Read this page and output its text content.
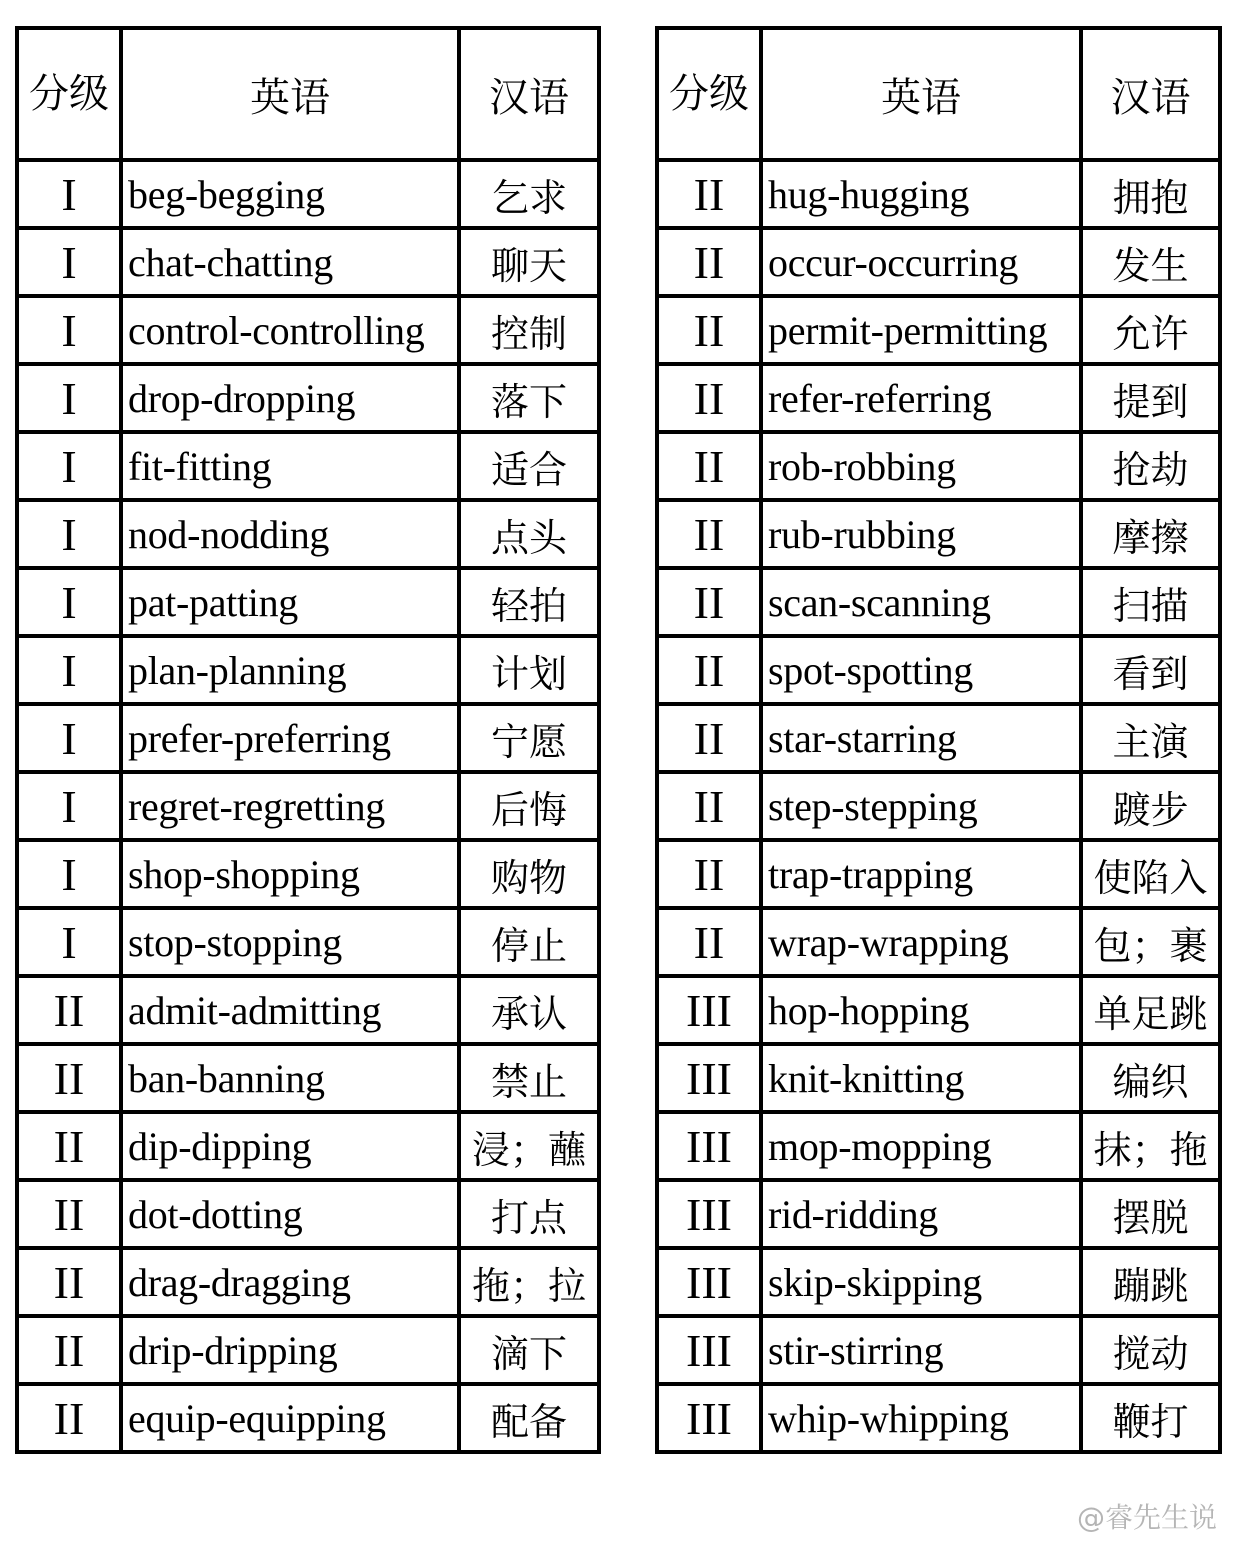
分级	英语	汉语
I	beg-begging	乞求
I	chat-chatting	聊天
I	control-controlling	控制
I	drop-dropping	落下
I	fit-fitting	适合
I	nod-nodding	点头
I	pat-patting	轻拍
I	plan-planning	计划
I	prefer-preferring	宁愿
I	regret-regretting	后悔
I	shop-shopping	购物
I	stop-stopping	停止
II	admit-admitting	承认
II	ban-banning	禁止
II	dip-dipping	浸；蘸
II	dot-dotting	打点
II	drag-dragging	拖；拉
II	drip-dripping	滴下
II	equip-equipping	配备
分级	英语	汉语
II	hug-hugging	拥抱
II	occur-occurring	发生
II	permit-permitting	允许
II	refer-referring	提到
II	rob-robbing	抢劫
II	rub-rubbing	摩擦
II	scan-scanning	扫描
II	spot-spotting	看到
II	star-starring	主演
II	step-stepping	踱步
II	trap-trapping	使陷入
II	wrap-wrapping	包；裹
III	hop-hopping	单足跳
III	knit-knitting	编织
III	mop-mopping	抹；拖
III	rid-ridding	摆脱
III	skip-skipping	蹦跳
III	stir-stirring	搅动
III	whip-whipping	鞭打
@睿先生说
